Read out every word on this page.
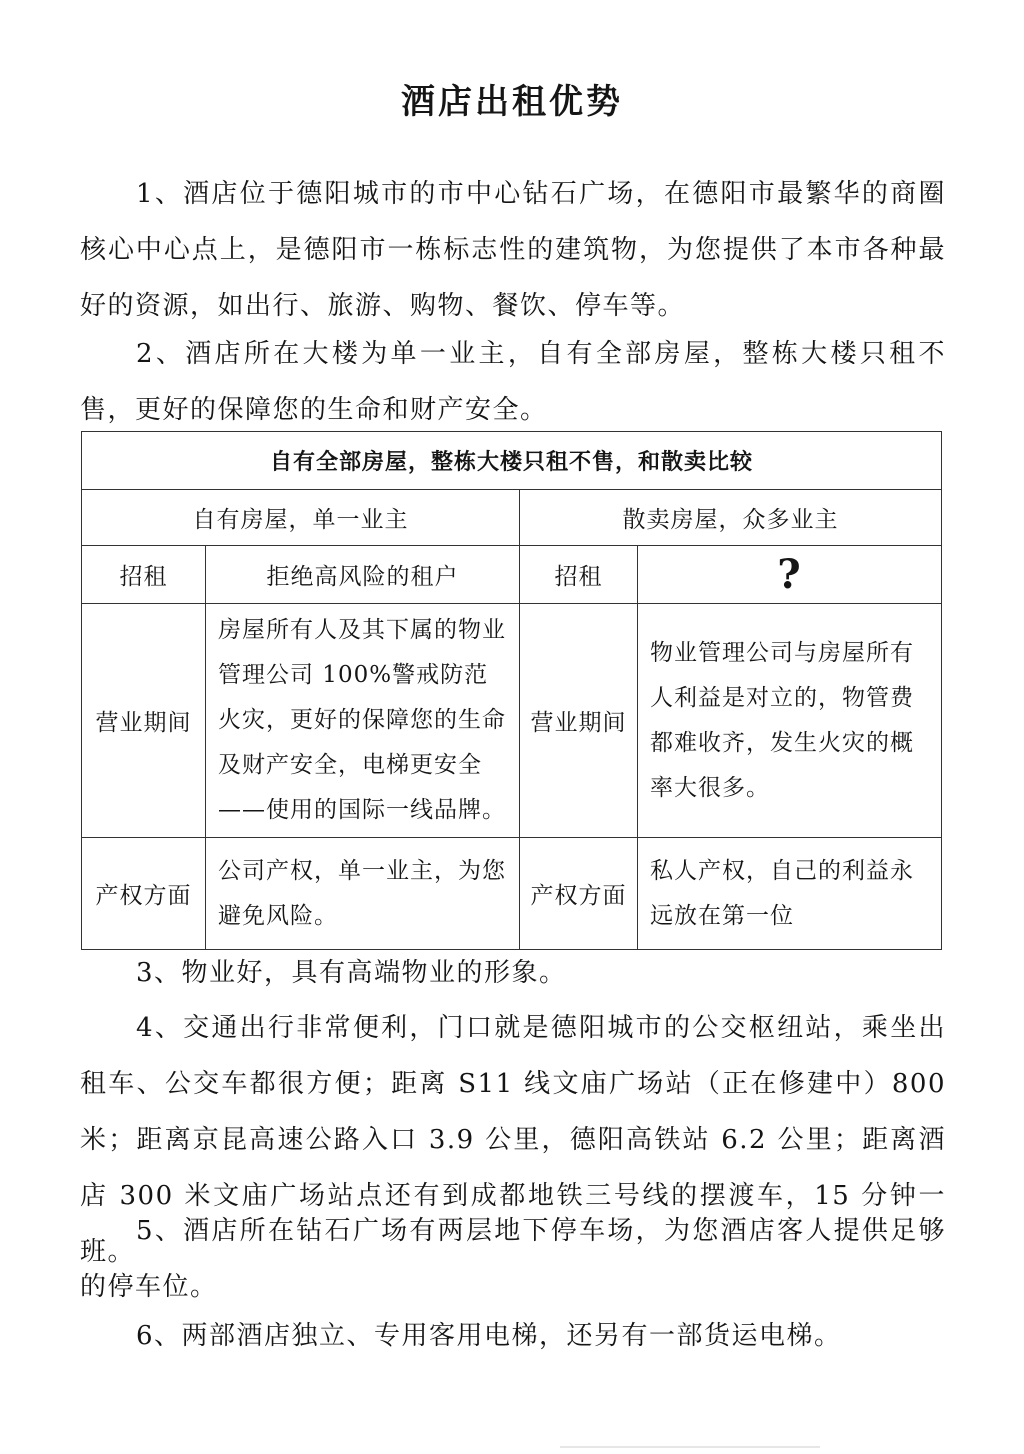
酒店出租优势

1、酒店位于德阳城市的市中心钻石广场，在德阳市最繁华的商圈核心中心点上，是德阳市一栋标志性的建筑物，为您提供了本市各种最好的资源，如出行、旅游、购物、餐饮、停车等。

2、酒店所在大楼为单一业主，自有全部房屋，整栋大楼只租不售，更好的保障您的生命和财产安全。

自有全部房屋，整栋大楼只租不售，和散卖比较			
自有房屋，单一业主		散卖房屋，众多业主	
招租	拒绝高风险的租户	招租	?
营业期间	房屋所有人及其下属的物业管理公司 100%警戒防范火灾，更好的保障您的生命及财产安全，电梯更安全——使用的国际一线品牌。	营业期间	物业管理公司与房屋所有人利益是对立的，物管费都难收齐，发生火灾的概率大很多。
产权方面	公司产权，单一业主，为您避免风险。	产权方面	私人产权，自己的利益永远放在第一位

3、物业好，具有高端物业的形象。

4、交通出行非常便利，门口就是德阳城市的公交枢纽站，乘坐出租车、公交车都很方便；距离 S11 线文庙广场站（正在修建中）800米；距离京昆高速公路入口 3.9 公里，德阳高铁站 6.2 公里；距离酒店 300 米文庙广场站点还有到成都地铁三号线的摆渡车，15 分钟一班。

5、酒店所在钻石广场有两层地下停车场，为您酒店客人提供足够的停车位。

6、两部酒店独立、专用客用电梯，还另有一部货运电梯。
